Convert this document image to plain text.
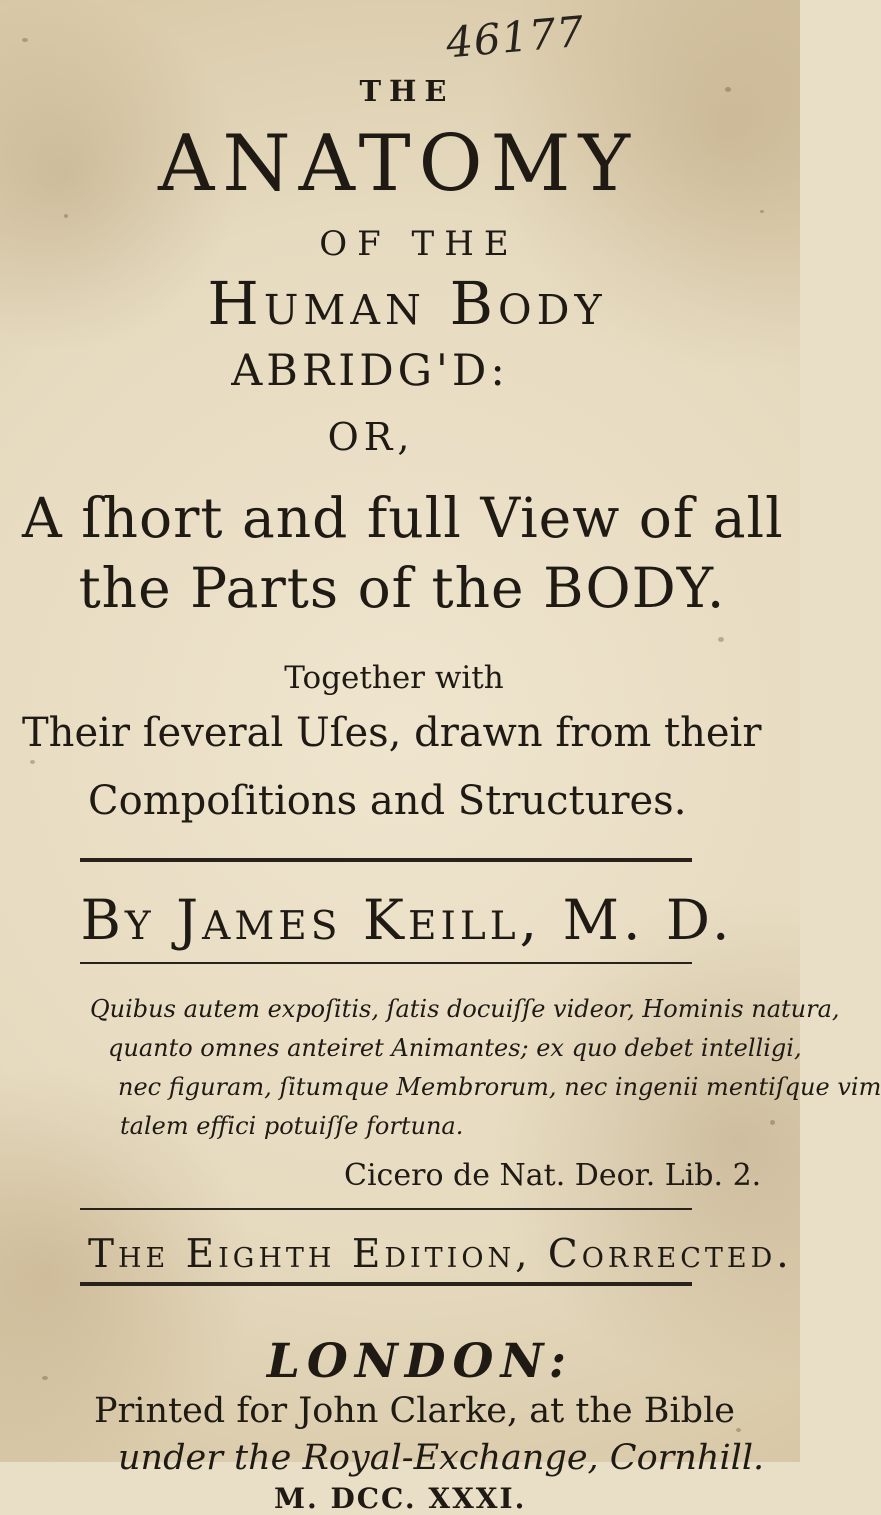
46177
THE
ANATOMY
OF THE
Human Body
ABRIDG'D:
OR,
A ſhort and full View of all
the Parts of the BODY.
Together with
Their ſeveral Uſes, drawn from their
Compoſitions and Structures.
By James Keill, M. D.
Quibus autem expoſitis, ſatis docuiſſe videor, Hominis natura,
quanto omnes anteiret Animantes; ex quo debet intelligi,
nec figuram, ſitumque Membrorum, nec ingenii mentiſque vim
talem effici potuiſſe fortuna.
Cicero de Nat. Deor. Lib. 2.
The Eighth Edition, Corrected.
LONDON:
Printed for John Clarke, at the Bible
under the Royal-Exchange, Cornhill.
M. DCC. XXXI.
